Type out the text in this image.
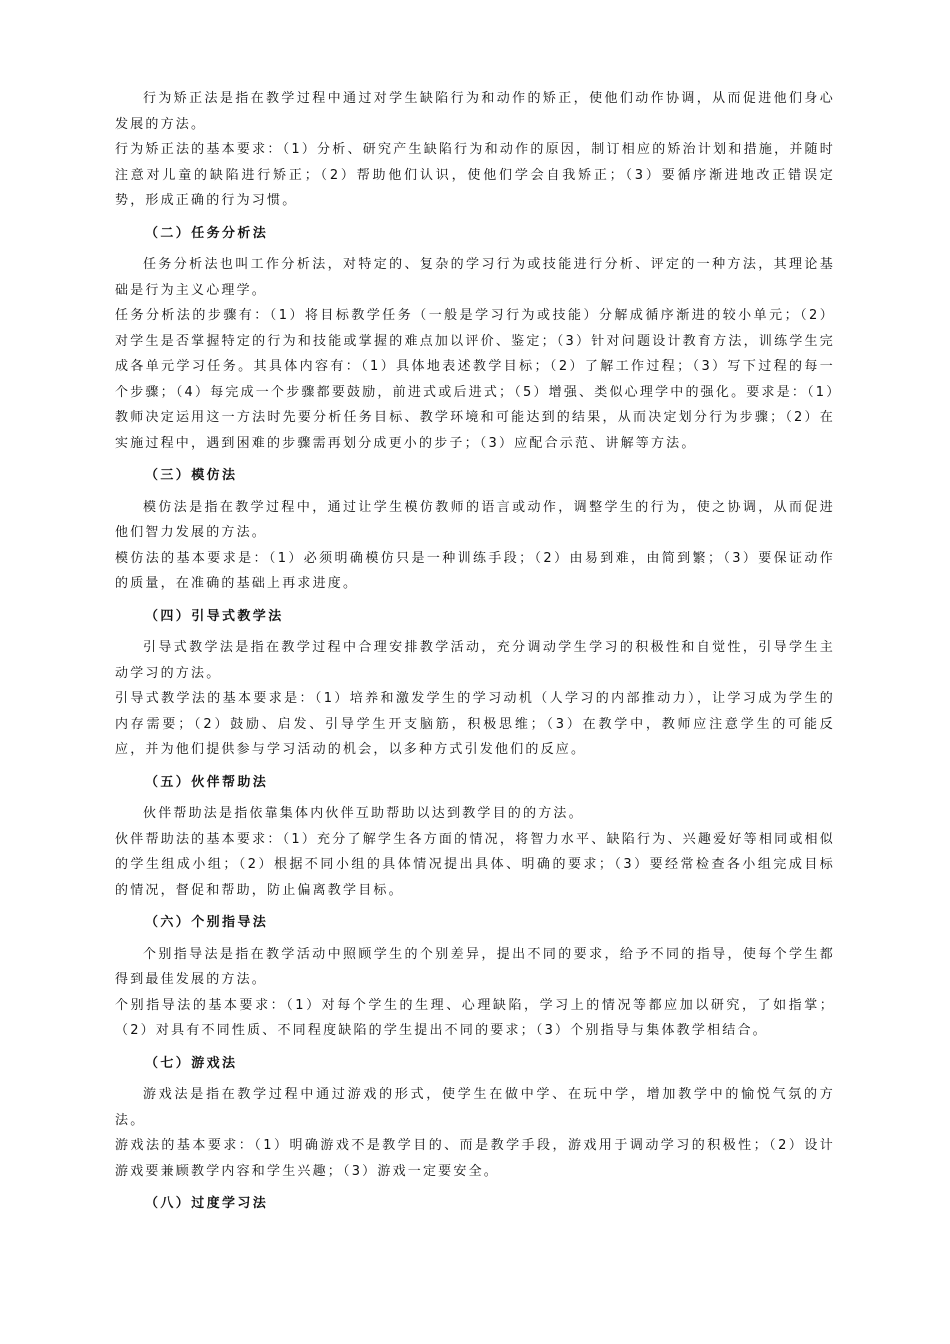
行为矫正法是指在教学过程中通过对学生缺陷行为和动作的矫正，使他们动作协调，从而促进他们身心发展的方法。

行为矫正法的基本要求：（1）分析、研究产生缺陷行为和动作的原因，制订相应的矫治计划和措施，并随时注意对儿童的缺陷进行矫正；（2）帮助他们认识，使他们学会自我矫正；（3）要循序渐进地改正错误定势，形成正确的行为习惯。

（二）任务分析法

任务分析法也叫工作分析法，对特定的、复杂的学习行为或技能进行分析、评定的一种方法，其理论基础是行为主义心理学。

任务分析法的步骤有：（1）将目标教学任务（一般是学习行为或技能）分解成循序渐进的较小单元；（2）对学生是否掌握特定的行为和技能或掌握的难点加以评价、鉴定；（3）针对问题设计教育方法，训练学生完成各单元学习任务。其具体内容有：（1）具体地表述教学目标；（2）了解工作过程；（3）写下过程的每一个步骤；（4）每完成一个步骤都要鼓励，前进式或后进式；（5）增强、类似心理学中的强化。要求是：（1）教师决定运用这一方法时先要分析任务目标、教学环境和可能达到的结果，从而决定划分行为步骤；（2）在实施过程中，遇到困难的步骤需再划分成更小的步子；（3）应配合示范、讲解等方法。

（三）模仿法

模仿法是指在教学过程中，通过让学生模仿教师的语言或动作，调整学生的行为，使之协调，从而促进他们智力发展的方法。

模仿法的基本要求是：（1）必须明确模仿只是一种训练手段；（2）由易到难，由简到繁；（3）要保证动作的质量，在准确的基础上再求进度。

（四）引导式教学法

引导式教学法是指在教学过程中合理安排教学活动，充分调动学生学习的积极性和自觉性，引导学生主动学习的方法。

引导式教学法的基本要求是：（1）培养和激发学生的学习动机（人学习的内部推动力），让学习成为学生的内存需要；（2）鼓励、启发、引导学生开支脑筋，积极思维；（3）在教学中，教师应注意学生的可能反应，并为他们提供参与学习活动的机会，以多种方式引发他们的反应。

（五）伙伴帮助法

伙伴帮助法是指依靠集体内伙伴互助帮助以达到教学目的的方法。

伙伴帮助法的基本要求：（1）充分了解学生各方面的情况，将智力水平、缺陷行为、兴趣爱好等相同或相似的学生组成小组；（2）根据不同小组的具体情况提出具体、明确的要求；（3）要经常检查各小组完成目标的情况，督促和帮助，防止偏离教学目标。

（六）个别指导法

个别指导法是指在教学活动中照顾学生的个别差异，提出不同的要求，给予不同的指导，使每个学生都得到最佳发展的方法。

个别指导法的基本要求：（1）对每个学生的生理、心理缺陷，学习上的情况等都应加以研究，了如指掌；（2）对具有不同性质、不同程度缺陷的学生提出不同的要求；（3）个别指导与集体教学相结合。

（七）游戏法

游戏法是指在教学过程中通过游戏的形式，使学生在做中学、在玩中学，增加教学中的愉悦气氛的方法。

游戏法的基本要求：（1）明确游戏不是教学目的、而是教学手段，游戏用于调动学习的积极性；（2）设计游戏要兼顾教学内容和学生兴趣；（3）游戏一定要安全。

（八）过度学习法
